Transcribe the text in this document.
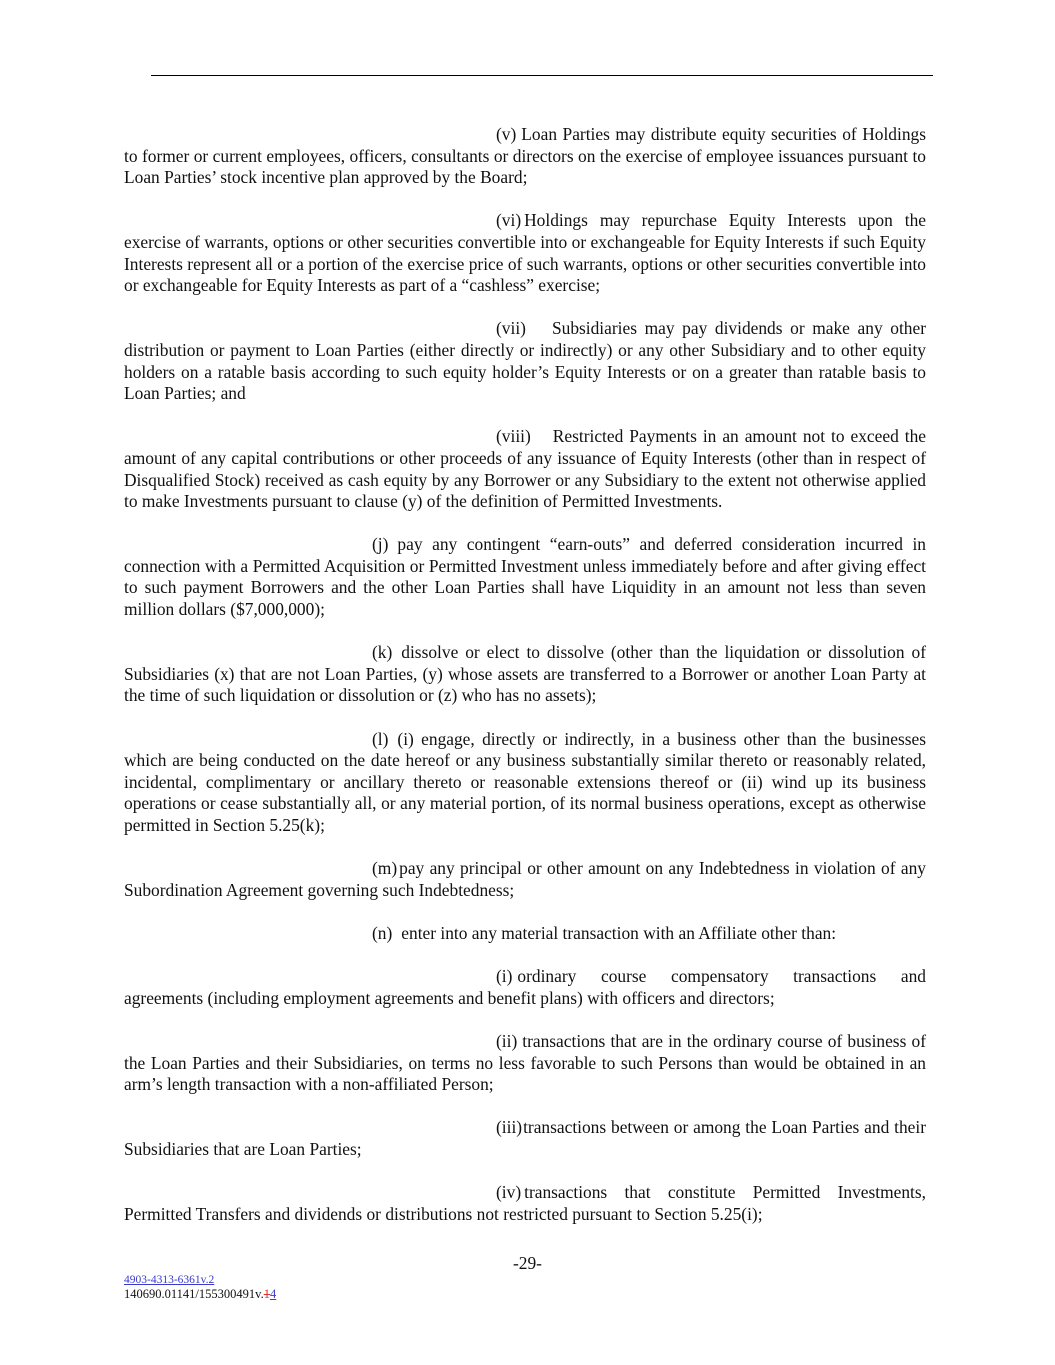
(v) Loan Parties may distribute equity securities of Holdings to former or current employees, officers, consultants or directors on the exercise of employee issuances pursuant to Loan Parties’ stock incentive plan approved by the Board;

(vi) Holdings may repurchase Equity Interests upon the exercise of warrants, options or other securities convertible into or exchangeable for Equity Interests if such Equity Interests represent all or a portion of the exercise price of such warrants, options or other securities convertible into or exchangeable for Equity Interests as part of a “cashless” exercise;

(vii) Subsidiaries may pay dividends or make any other distribution or payment to Loan Parties (either directly or indirectly) or any other Subsidiary and to other equity holders on a ratable basis according to such equity holder’s Equity Interests or on a greater than ratable basis to Loan Parties; and

(viii) Restricted Payments in an amount not to exceed the amount of any capital contributions or other proceeds of any issuance of Equity Interests (other than in respect of Disqualified Stock) received as cash equity by any Borrower or any Subsidiary to the extent not otherwise applied to make Investments pursuant to clause (y) of the definition of Permitted Investments.

(j) pay any contingent “earn-outs” and deferred consideration incurred in connection with a Permitted Acquisition or Permitted Investment unless immediately before and after giving effect to such payment Borrowers and the other Loan Parties shall have Liquidity in an amount not less than seven million dollars ($7,000,000);

(k) dissolve or elect to dissolve (other than the liquidation or dissolution of Subsidiaries (x) that are not Loan Parties, (y) whose assets are transferred to a Borrower or another Loan Party at the time of such liquidation or dissolution or (z) who has no assets);

(l) (i) engage, directly or indirectly, in a business other than the businesses which are being conducted on the date hereof or any business substantially similar thereto or reasonably related, incidental, complimentary or ancillary thereto or reasonable extensions thereof or (ii) wind up its business operations or cease substantially all, or any material portion, of its normal business operations, except as otherwise permitted in Section 5.25(k);

(m) pay any principal or other amount on any Indebtedness in violation of any Subordination Agreement governing such Indebtedness;

(n) enter into any material transaction with an Affiliate other than:

(i) ordinary course compensatory transactions and agreements (including employment agreements and benefit plans) with officers and directors;

(ii) transactions that are in the ordinary course of business of the Loan Parties and their Subsidiaries, on terms no less favorable to such Persons than would be obtained in an arm’s length transaction with a non-affiliated Person;

(iii)transactions between or among the Loan Parties and their Subsidiaries that are Loan Parties;

(iv) transactions that constitute Permitted Investments, Permitted Transfers and dividends or distributions not restricted pursuant to Section 5.25(i);

-29-
4903-4313-6361v.2
140690.01141/155300491v.14
